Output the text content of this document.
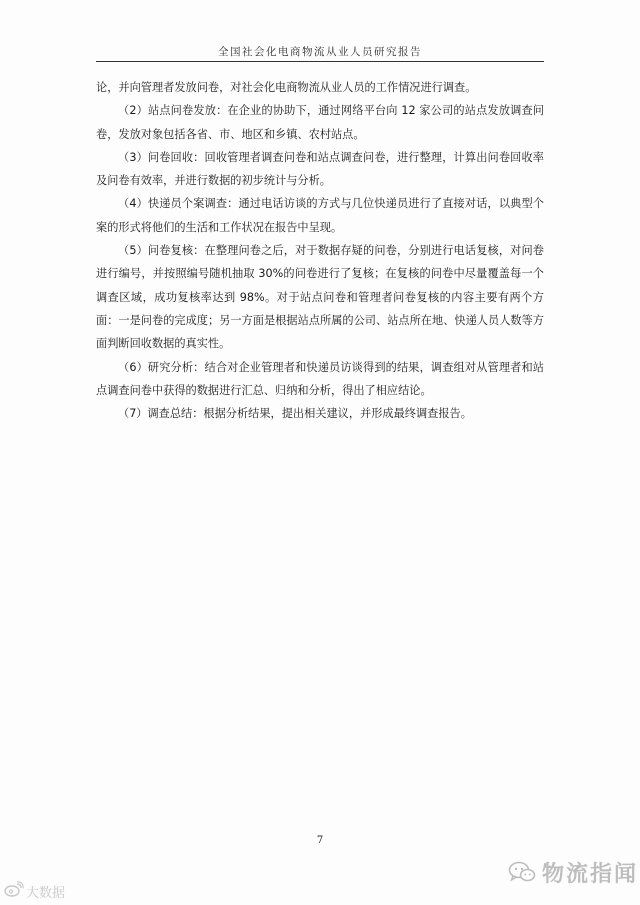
全国社会化电商物流从业人员研究报告

论，并向管理者发放问卷，对社会化电商物流从业人员的工作情况进行调查。

（2）站点问卷发放：在企业的协助下，通过网络平台向 12 家公司的站点发放调查问卷，发放对象包括各省、市、地区和乡镇、农村站点。

（3）问卷回收：回收管理者调查问卷和站点调查问卷，进行整理，计算出问卷回收率及问卷有效率，并进行数据的初步统计与分析。

（4）快递员个案调查：通过电话访谈的方式与几位快递员进行了直接对话，以典型个案的形式将他们的生活和工作状况在报告中呈现。

（5）问卷复核：在整理问卷之后，对于数据存疑的问卷，分别进行电话复核，对问卷进行编号，并按照编号随机抽取 30%的问卷进行了复核；在复核的问卷中尽量覆盖每一个调查区域，成功复核率达到 98%。对于站点问卷和管理者问卷复核的内容主要有两个方面：一是问卷的完成度；另一方面是根据站点所属的公司、站点所在地、快递人员人数等方面判断回收数据的真实性。

（6）研究分析：结合对企业管理者和快递员访谈得到的结果，调查组对从管理者和站点调查问卷中获得的数据进行汇总、归纳和分析，得出了相应结论。

（7）调查总结：根据分析结果，提出相关建议，并形成最终调查报告。

7
物流指闻
大数据
